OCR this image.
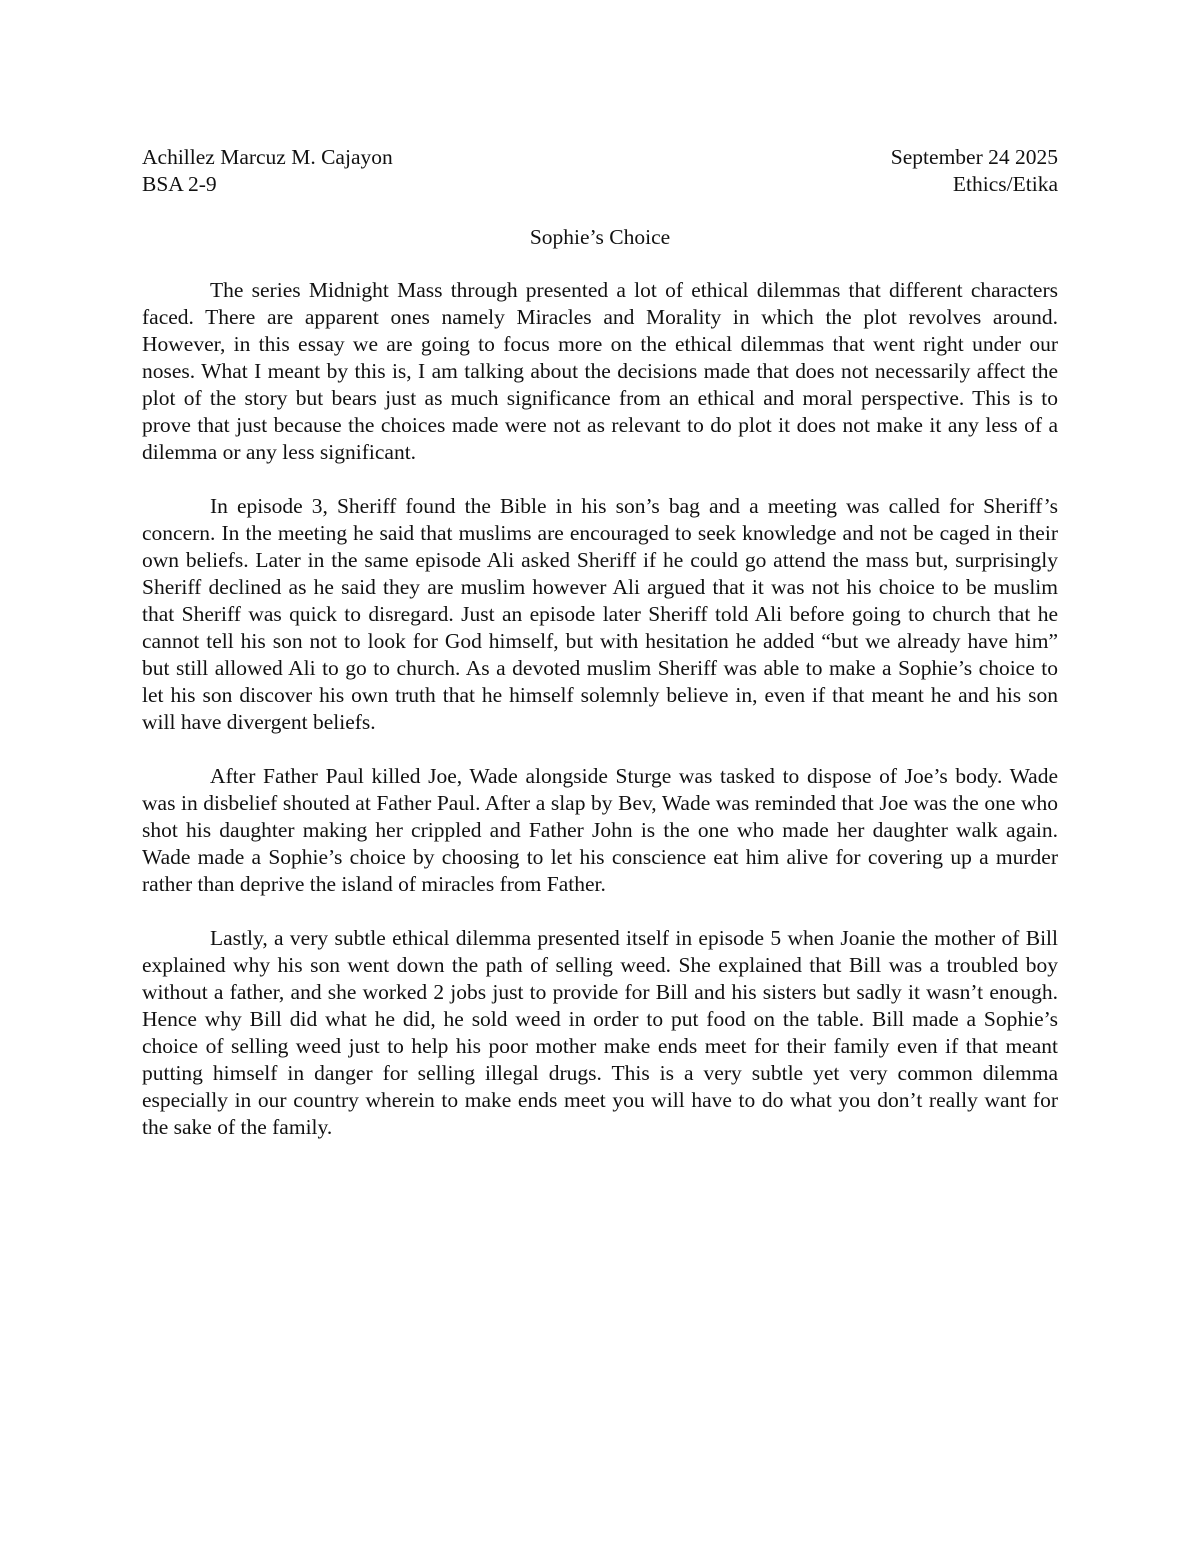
Achillez Marcuz M. Cajayon	September 24 2025
BSA 2-9	Ethics/Etika
Sophie’s Choice

The series Midnight Mass through presented a lot of ethical dilemmas that different characters faced. There are apparent ones namely Miracles and Morality in which the plot revolves around. However, in this essay we are going to focus more on the ethical dilemmas that went right under our noses. What I meant by this is, I am talking about the decisions made that does not necessarily affect the plot of the story but bears just as much significance from an ethical and moral perspective. This is to prove that just because the choices made were not as relevant to do plot it does not make it any less of a dilemma or any less significant.

In episode 3, Sheriff found the Bible in his son’s bag and a meeting was called for Sheriff’s concern. In the meeting he said that muslims are encouraged to seek knowledge and not be caged in their own beliefs. Later in the same episode Ali asked Sheriff if he could go attend the mass but, surprisingly Sheriff declined as he said they are muslim however Ali argued that it was not his choice to be muslim that Sheriff was quick to disregard. Just an episode later Sheriff told Ali before going to church that he cannot tell his son not to look for God himself, but with hesitation he added “but we already have him” but still allowed Ali to go to church. As a devoted muslim Sheriff was able to make a Sophie’s choice to let his son discover his own truth that he himself solemnly believe in, even if that meant he and his son will have divergent beliefs.

After Father Paul killed Joe, Wade alongside Sturge was tasked to dispose of Joe’s body. Wade was in disbelief shouted at Father Paul. After a slap by Bev, Wade was reminded that Joe was the one who shot his daughter making her crippled and Father John is the one who made her daughter walk again. Wade made a Sophie’s choice by choosing to let his conscience eat him alive for covering up a murder rather than deprive the island of miracles from Father.

Lastly, a very subtle ethical dilemma presented itself in episode 5 when Joanie the mother of Bill explained why his son went down the path of selling weed. She explained that Bill was a troubled boy without a father, and she worked 2 jobs just to provide for Bill and his sisters but sadly it wasn’t enough. Hence why Bill did what he did, he sold weed in order to put food on the table. Bill made a Sophie’s choice of selling weed just to help his poor mother make ends meet for their family even if that meant putting himself in danger for selling illegal drugs. This is a very subtle yet very common dilemma especially in our country wherein to make ends meet you will have to do what you don’t really want for the sake of the family.
